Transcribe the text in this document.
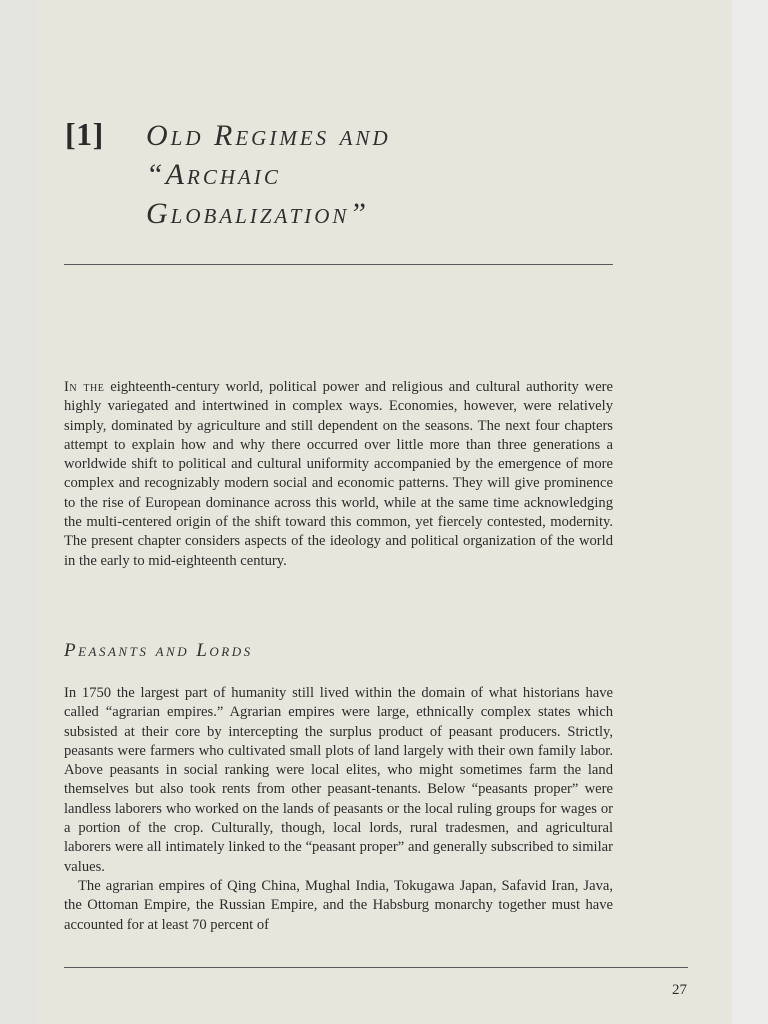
[1] Old Regimes and
“Archaic
Globalization”

In the eighteenth-century world, political power and religious and cultural authority were highly variegated and intertwined in complex ways. Economies, however, were relatively simply, dominated by agriculture and still dependent on the seasons. The next four chapters attempt to explain how and why there occurred over little more than three generations a worldwide shift to political and cultural uniformity accompanied by the emergence of more complex and recognizably modern social and economic patterns. They will give prominence to the rise of European dominance across this world, while at the same time acknowledging the multi-centered origin of the shift toward this common, yet fiercely contested, modernity. The present chapter considers aspects of the ideology and political organization of the world in the early to mid-eighteenth century.

Peasants and Lords

In 1750 the largest part of humanity still lived within the domain of what historians have called “agrarian empires.” Agrarian empires were large, ethnically complex states which subsisted at their core by intercepting the surplus product of peasant producers. Strictly, peasants were farmers who cultivated small plots of land largely with their own family labor. Above peasants in social ranking were local elites, who might sometimes farm the land themselves but also took rents from other peasant-tenants. Below “peasants proper” were landless laborers who worked on the lands of peasants or the local ruling groups for wages or a portion of the crop. Culturally, though, local lords, rural tradesmen, and agricultural laborers were all intimately linked to the “peasant proper” and generally subscribed to similar values.

The agrarian empires of Qing China, Mughal India, Tokugawa Japan, Safavid Iran, Java, the Ottoman Empire, the Russian Empire, and the Habsburg monarchy together must have accounted for at least 70 percent of

27
